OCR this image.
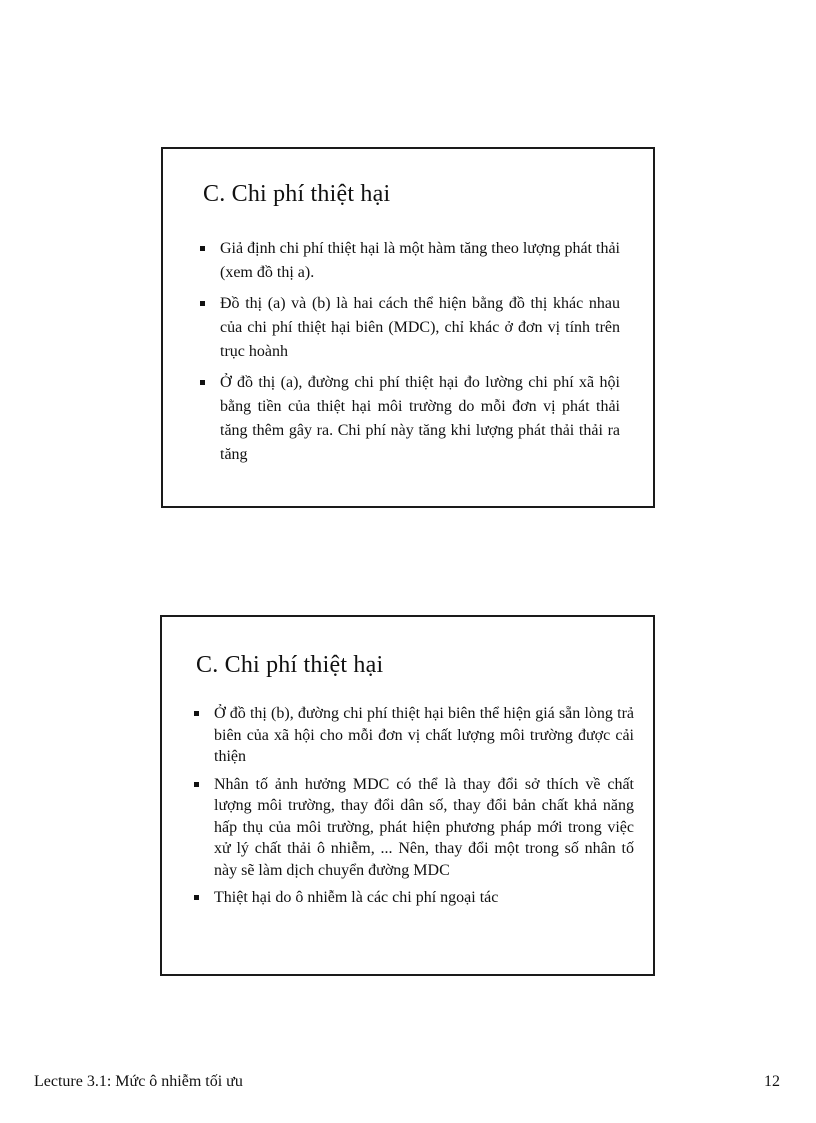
C. Chi phí thiệt hại
Giả định chi phí thiệt hại là một hàm tăng theo lượng phát thải (xem đồ thị a).
Đồ thị (a) và (b) là hai cách thể hiện bằng đồ thị khác nhau của chi phí thiệt hại biên (MDC), chỉ khác ở đơn vị tính trên trục hoành
Ở đồ thị (a), đường chi phí thiệt hại đo lường chi phí xã hội bằng tiền của thiệt hại môi trường do mỗi đơn vị phát thải tăng thêm gây ra. Chi phí này tăng khi lượng phát thải thải ra tăng
C. Chi phí thiệt hại
Ở đồ thị (b), đường chi phí thiệt hại biên thể hiện giá sẵn lòng trả biên của xã hội cho mỗi đơn vị chất lượng môi trường được cải thiện
Nhân tố ảnh hưởng MDC có thể là thay đổi sở thích về chất lượng môi trường, thay đổi dân số, thay đổi bản chất khả năng hấp thụ của môi trường, phát hiện phương pháp mới trong việc xử lý chất thải ô nhiễm, ... Nên, thay đổi một trong số nhân tố này sẽ làm dịch chuyển đường MDC
Thiệt hại do ô nhiễm là các chi phí ngoại tác
Lecture 3.1: Mức ô nhiễm tối ưu	12
